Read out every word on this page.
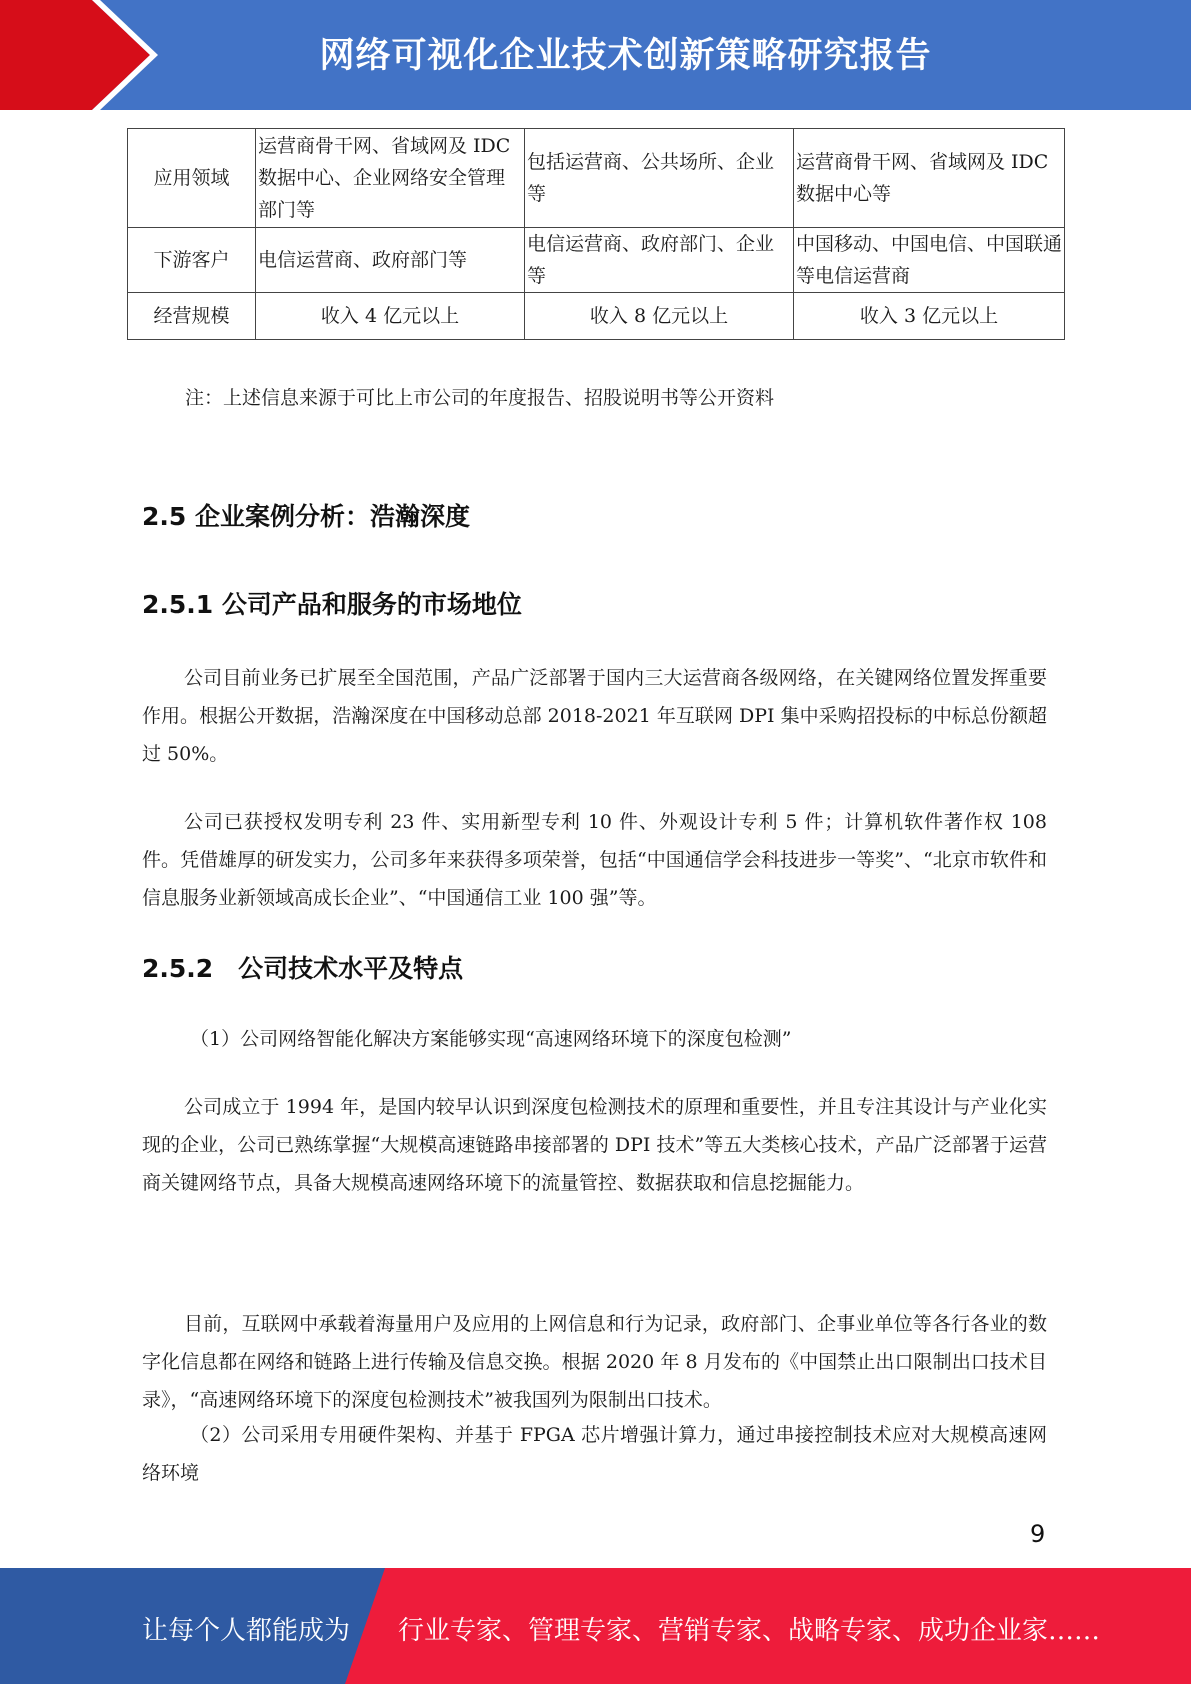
网络可视化企业技术创新策略研究报告
应用领域	运营商骨干网、省域网及 IDC 数据中心、企业网络安全管理部门等	包括运营商、公共场所、企业等	运营商骨干网、省域网及 IDC 数据中心等
下游客户	电信运营商、政府部门等	电信运营商、政府部门、企业等	中国移动、中国电信、中国联通等电信运营商
经营规模	收入 4 亿元以上	收入 8 亿元以上	收入 3 亿元以上
注：上述信息来源于可比上市公司的年度报告、招股说明书等公开资料
2.5 企业案例分析：浩瀚深度
2.5.1 公司产品和服务的市场地位
公司目前业务已扩展至全国范围，产品广泛部署于国内三大运营商各级网络，在关键网络位置发挥重要作用。根据公开数据，浩瀚深度在中国移动总部 2018-2021 年互联网 DPI 集中采购招投标的中标总份额超过 50%。
公司已获授权发明专利 23 件、实用新型专利 10 件、外观设计专利 5 件；计算机软件著作权 108 件。凭借雄厚的研发实力，公司多年来获得多项荣誉，包括“中国通信学会科技进步一等奖”、“北京市软件和信息服务业新领域高成长企业”、“中国通信工业 100 强”等。
2.5.2　公司技术水平及特点
（1）公司网络智能化解决方案能够实现“高速网络环境下的深度包检测”
公司成立于 1994 年，是国内较早认识到深度包检测技术的原理和重要性，并且专注其设计与产业化实现的企业，公司已熟练掌握“大规模高速链路串接部署的 DPI 技术”等五大类核心技术，产品广泛部署于运营商关键网络节点，具备大规模高速网络环境下的流量管控、数据获取和信息挖掘能力。
目前，互联网中承载着海量用户及应用的上网信息和行为记录，政府部门、企事业单位等各行各业的数字化信息都在网络和链路上进行传输及信息交换。根据 2020 年 8 月发布的《中国禁止出口限制出口技术目录》，“高速网络环境下的深度包检测技术”被我国列为限制出口技术。
（2）公司采用专用硬件架构、并基于 FPGA 芯片增强计算力，通过串接控制技术应对大规模高速网络环境
9
让每个人都能成为 行业专家、管理专家、营销专家、战略专家、成功企业家……
